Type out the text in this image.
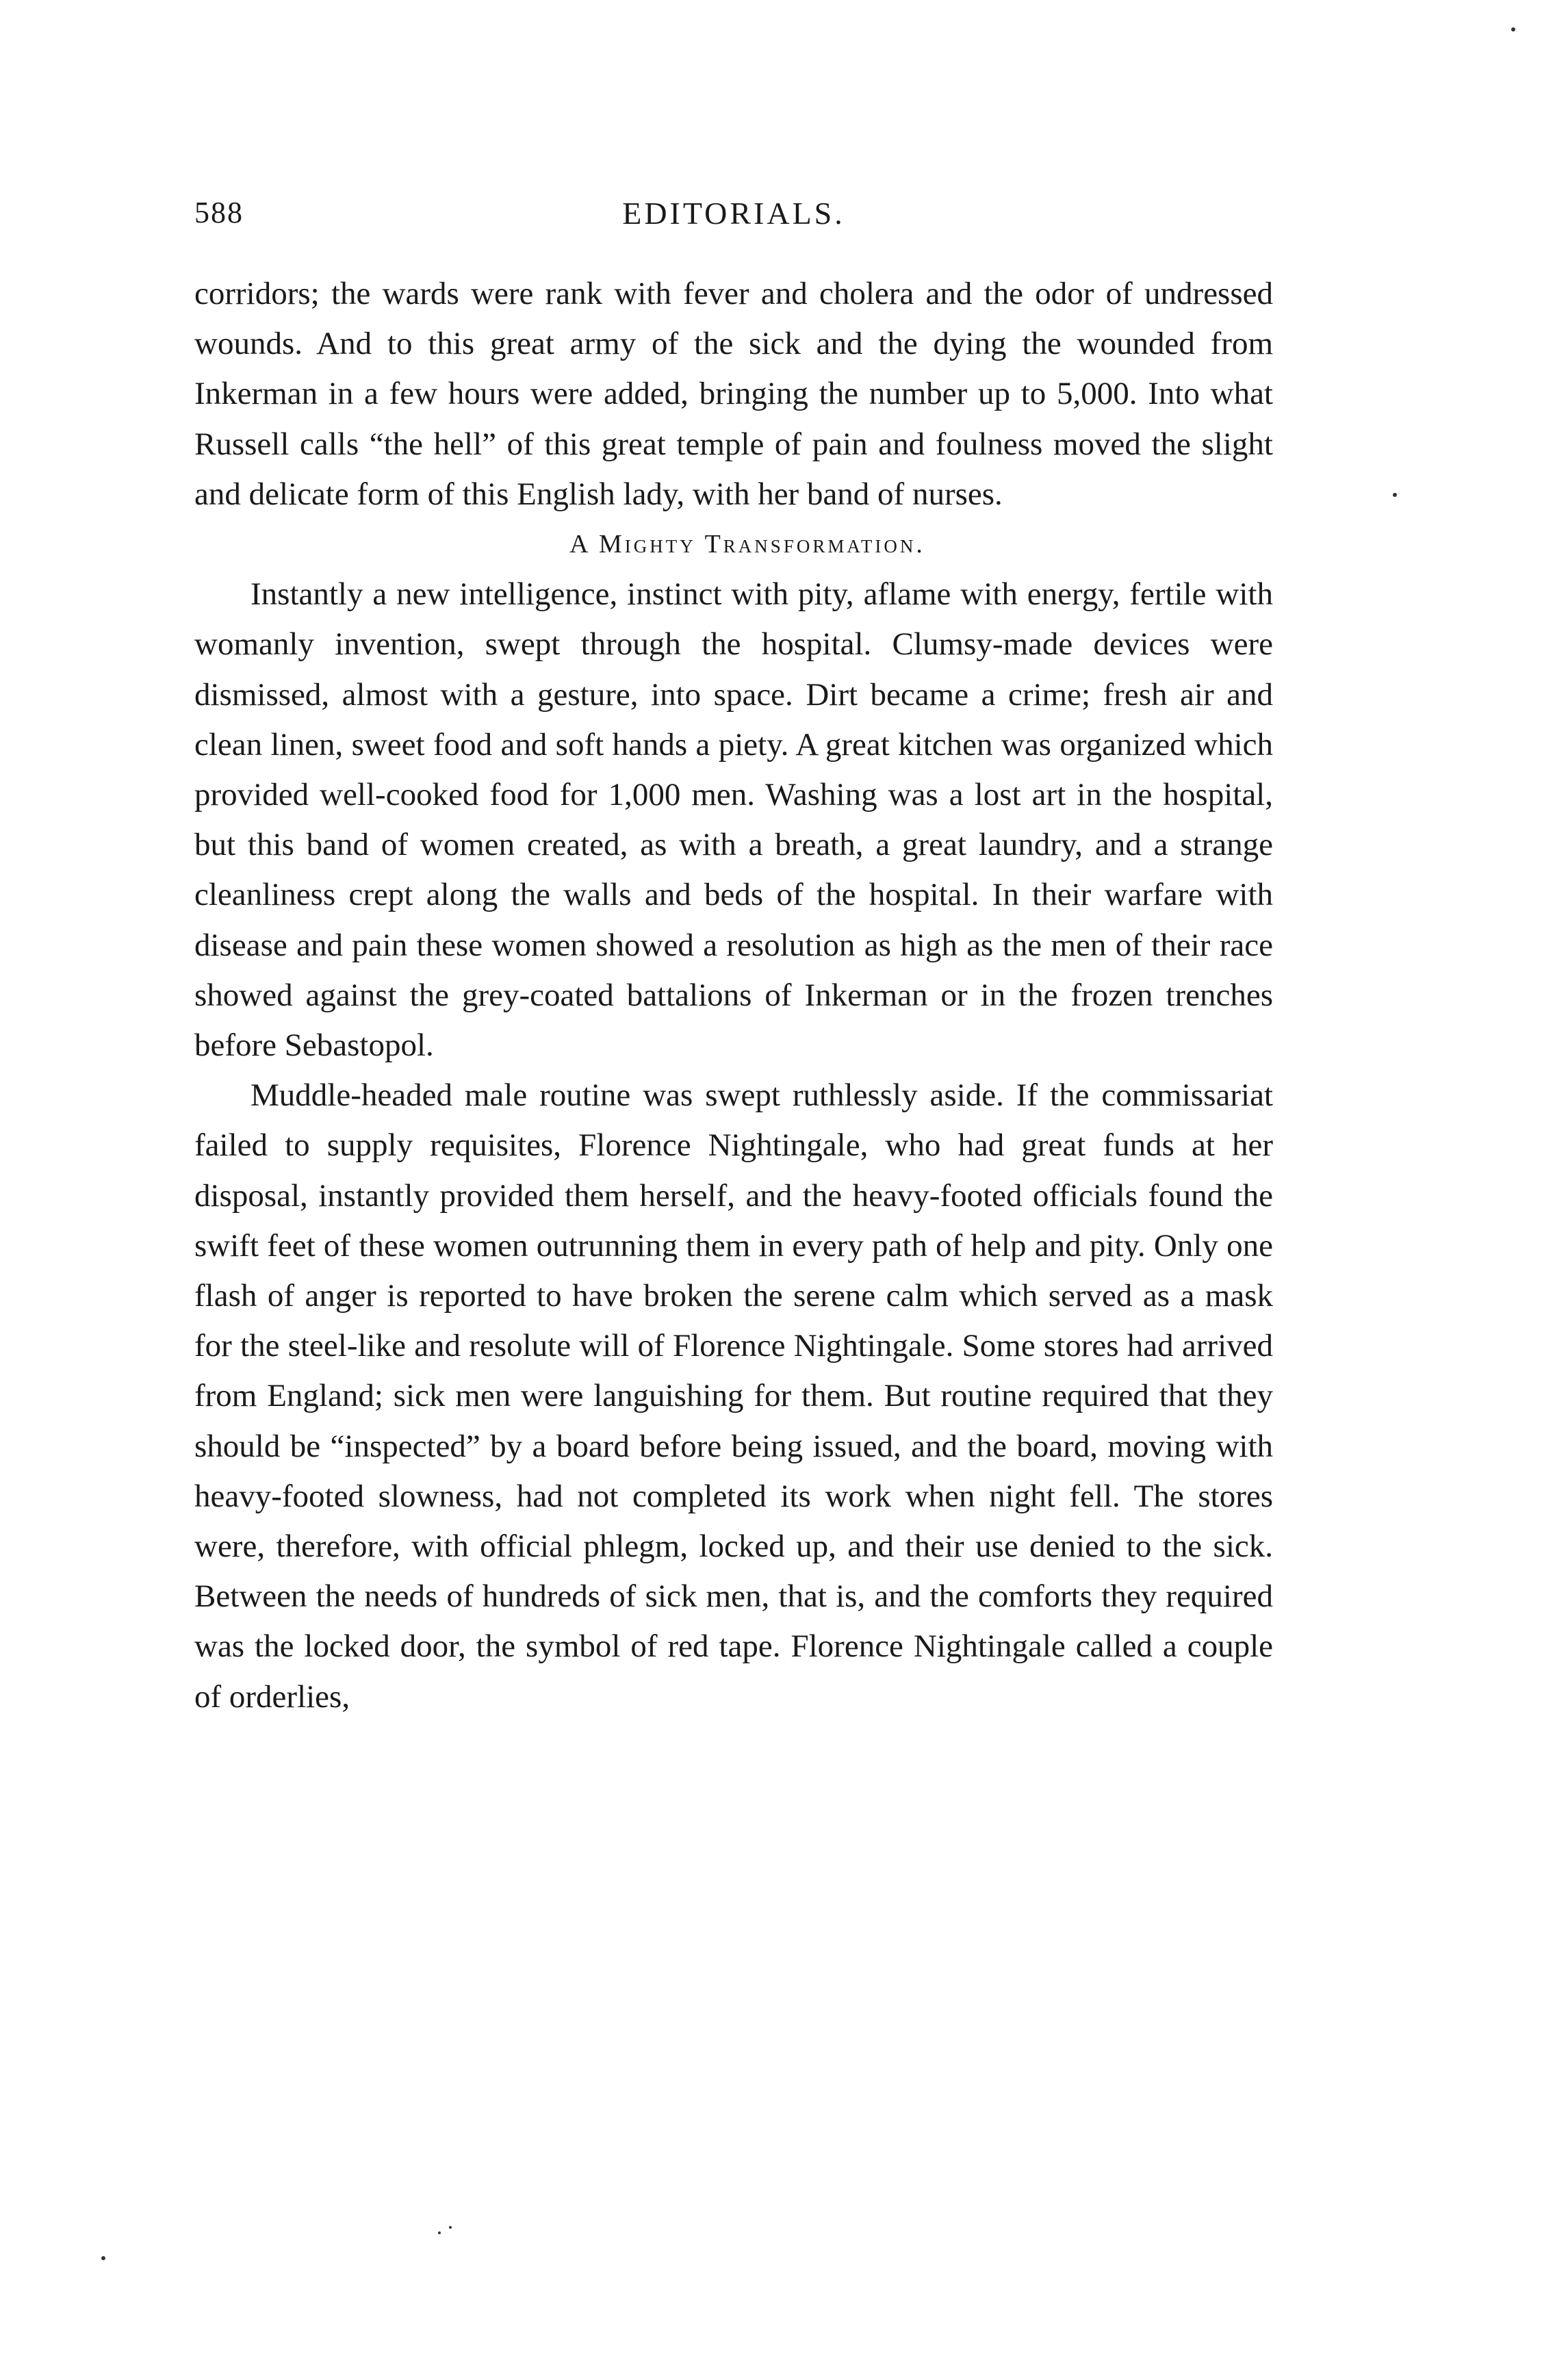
588	EDITORIALS.

corridors; the wards were rank with fever and cholera and the odor of undressed wounds. And to this great army of the sick and the dying the wounded from Inkerman in a few hours were added, bringing the number up to 5,000. Into what Russell calls “the hell” of this great temple of pain and foulness moved the slight and delicate form of this English lady, with her band of nurses.

A Mighty Transformation.

Instantly a new intelligence, instinct with pity, aflame with energy, fertile with womanly invention, swept through the hospital. Clumsy-made devices were dismissed, almost with a gesture, into space. Dirt became a crime; fresh air and clean linen, sweet food and soft hands a piety. A great kitchen was organized which provided well-cooked food for 1,000 men. Washing was a lost art in the hospital, but this band of women created, as with a breath, a great laundry, and a strange cleanliness crept along the walls and beds of the hospital. In their warfare with disease and pain these women showed a resolution as high as the men of their race showed against the grey-coated battalions of Inkerman or in the frozen trenches before Sebastopol.

Muddle-headed male routine was swept ruthlessly aside. If the commissariat failed to supply requisites, Florence Nightingale, who had great funds at her disposal, instantly provided them herself, and the heavy-footed officials found the swift feet of these women outrunning them in every path of help and pity. Only one flash of anger is reported to have broken the serene calm which served as a mask for the steel-like and resolute will of Florence Nightingale. Some stores had arrived from England; sick men were languishing for them. But routine required that they should be “inspected” by a board before being issued, and the board, moving with heavy-footed slowness, had not completed its work when night fell. The stores were, therefore, with official phlegm, locked up, and their use denied to the sick. Between the needs of hundreds of sick men, that is, and the comforts they required was the locked door, the symbol of red tape. Florence Nightingale called a couple of orderlies,
